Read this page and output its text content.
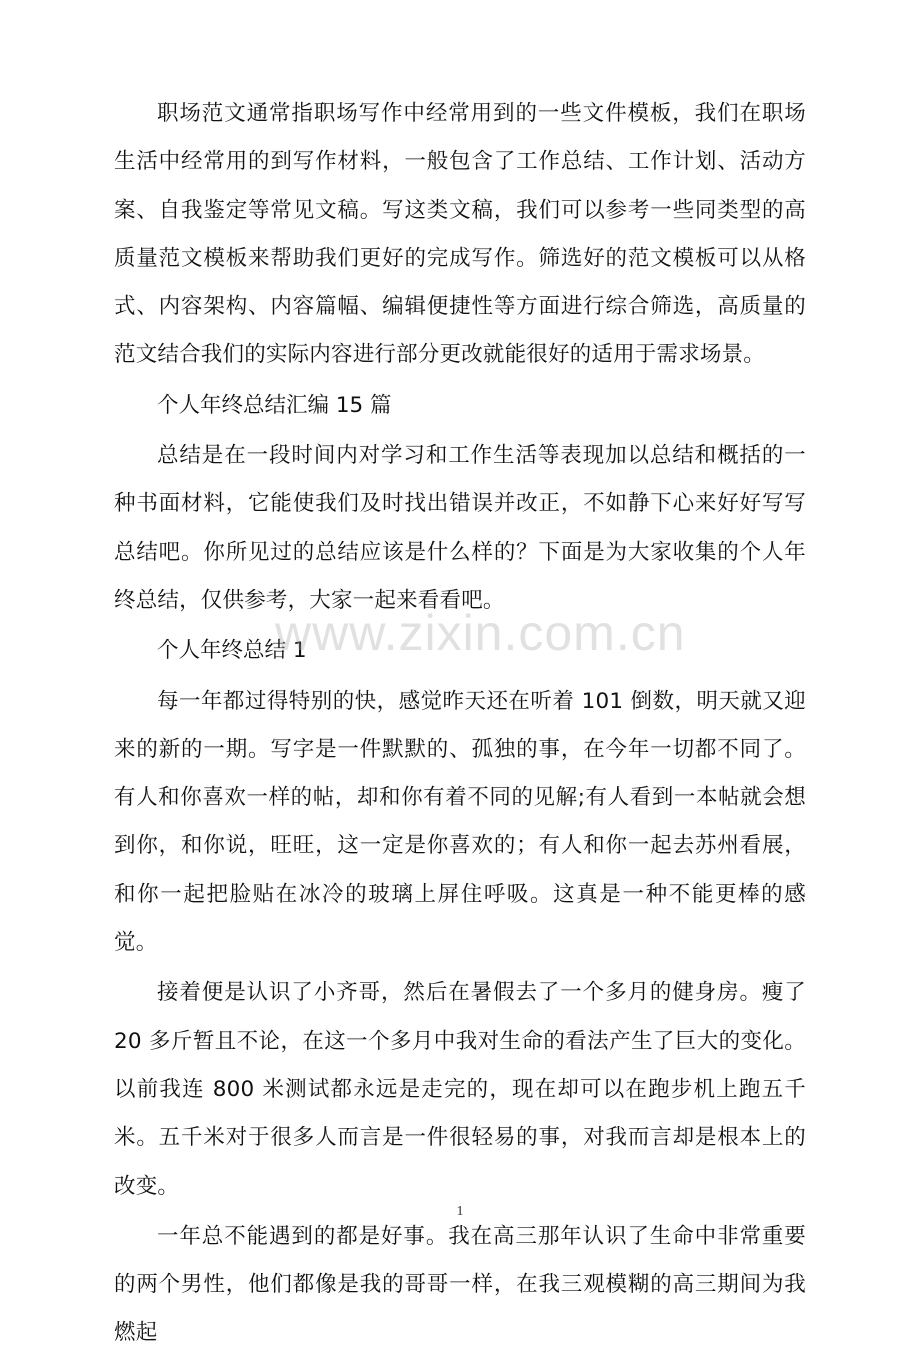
职场范文通常指职场写作中经常用到的一些文件模板，我们在职场生活中经常用的到写作材料，一般包含了工作总结、工作计划、活动方案、自我鉴定等常见文稿。写这类文稿，我们可以参考一些同类型的高质量范文模板来帮助我们更好的完成写作。筛选好的范文模板可以从格式、内容架构、内容篇幅、编辑便捷性等方面进行综合筛选，高质量的范文结合我们的实际内容进行部分更改就能很好的适用于需求场景。

个人年终总结汇编 15 篇

总结是在一段时间内对学习和工作生活等表现加以总结和概括的一种书面材料，它能使我们及时找出错误并改正，不如静下心来好好写写总结吧。你所见过的总结应该是什么样的？下面是为大家收集的个人年终总结，仅供参考，大家一起来看看吧。

个人年终总结 1

每一年都过得特别的快，感觉昨天还在听着 101 倒数，明天就又迎来的新的一期。写字是一件默默的、孤独的事，在今年一切都不同了。有人和你喜欢一样的帖，却和你有着不同的见解;有人看到一本帖就会想到你，和你说，旺旺，这一定是你喜欢的；有人和你一起去苏州看展，和你一起把脸贴在冰冷的玻璃上屏住呼吸。这真是一种不能更棒的感觉。

接着便是认识了小齐哥，然后在暑假去了一个多月的健身房。瘦了 20 多斤暂且不论，在这一个多月中我对生命的看法产生了巨大的变化。以前我连 800 米测试都永远是走完的，现在却可以在跑步机上跑五千米。五千米对于很多人而言是一件很轻易的事，对我而言却是根本上的改变。

一年总不能遇到的都是好事。我在高三那年认识了生命中非常重要的两个男性，他们都像是我的哥哥一样，在我三观模糊的高三期间为我燃起

www.zixin.com.cn
1
